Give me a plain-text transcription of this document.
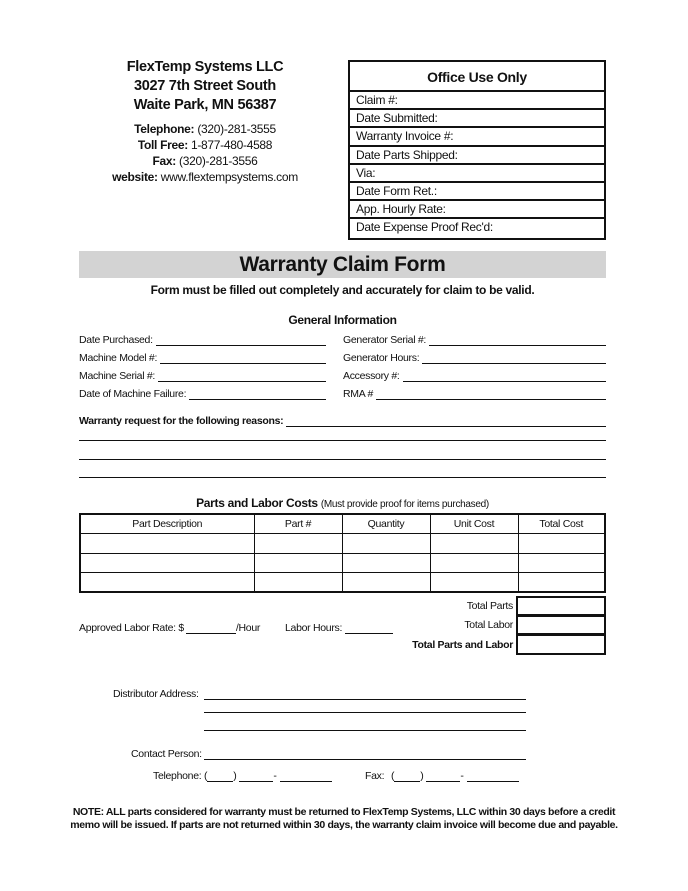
FlexTemp Systems LLC
3027 7th Street South
Waite Park, MN 56387
Telephone: (320)-281-3555
Toll Free: 1-877-480-4588
Fax: (320)-281-3556
website: www.flextempsystems.com
Office Use Only
Claim #:
Date Submitted:
Warranty Invoice #:
Date Parts Shipped:
Via:
Date Form Ret.:
App. Hourly Rate:
Date Expense Proof Rec'd:
Warranty Claim Form
Form must be filled out completely and accurately for claim to be valid.
General Information
Date Purchased:
Machine Model #:
Machine Serial #:
Date of Machine Failure:
Generator Serial #:
Generator Hours:
Accessory #:
RMA #
Warranty request for the following reasons:
Parts and Labor Costs (Must provide proof for items purchased)
Part Description	Part #	Quantity	Unit Cost	Total Cost

Total Parts
Total Labor
Total Parts and Labor
Approved Labor Rate: $	/Hour Labor Hours:
Distributor Address:
Contact Person:
Telephone: ( )	-	Fax: ( )	-
NOTE: ALL parts considered for warranty must be returned to FlexTemp Systems, LLC within 30 days before a credit memo will be issued. If parts are not returned within 30 days, the warranty claim invoice will become due and payable.
